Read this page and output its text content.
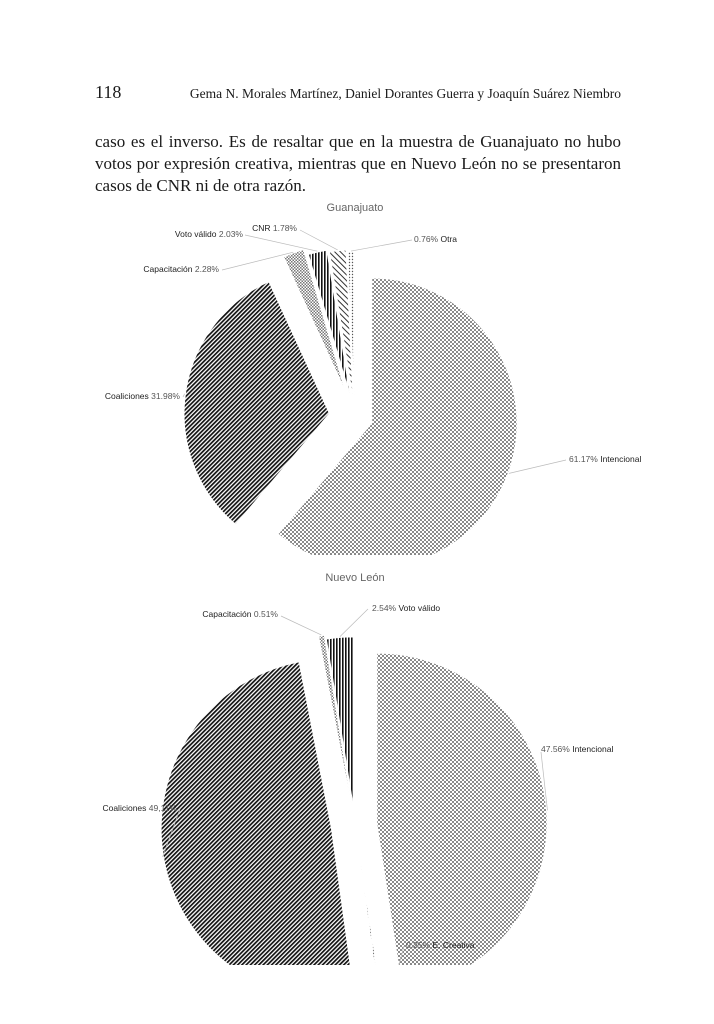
118	Gema N. Morales Martínez, Daniel Dorantes Guerra y Joaquín Suárez Niembro

caso es el inverso. Es de resaltar que en la muestra de Guanajuato no hubo votos por expresión creativa, mientras que en Nuevo León no se presentaron casos de CNR ni de otra razón.

Guanajuato
61.17% Intencional
Coaliciones 31.98%
Capacitación 2.28%
Voto válido 2.03%
CNR 1.78%
0.76% Otra
Nuevo León
47.56% Intencional
0.25% E. Creativa
Coaliciones 49,11%
Capacitación 0.51%
2.54% Voto válido
